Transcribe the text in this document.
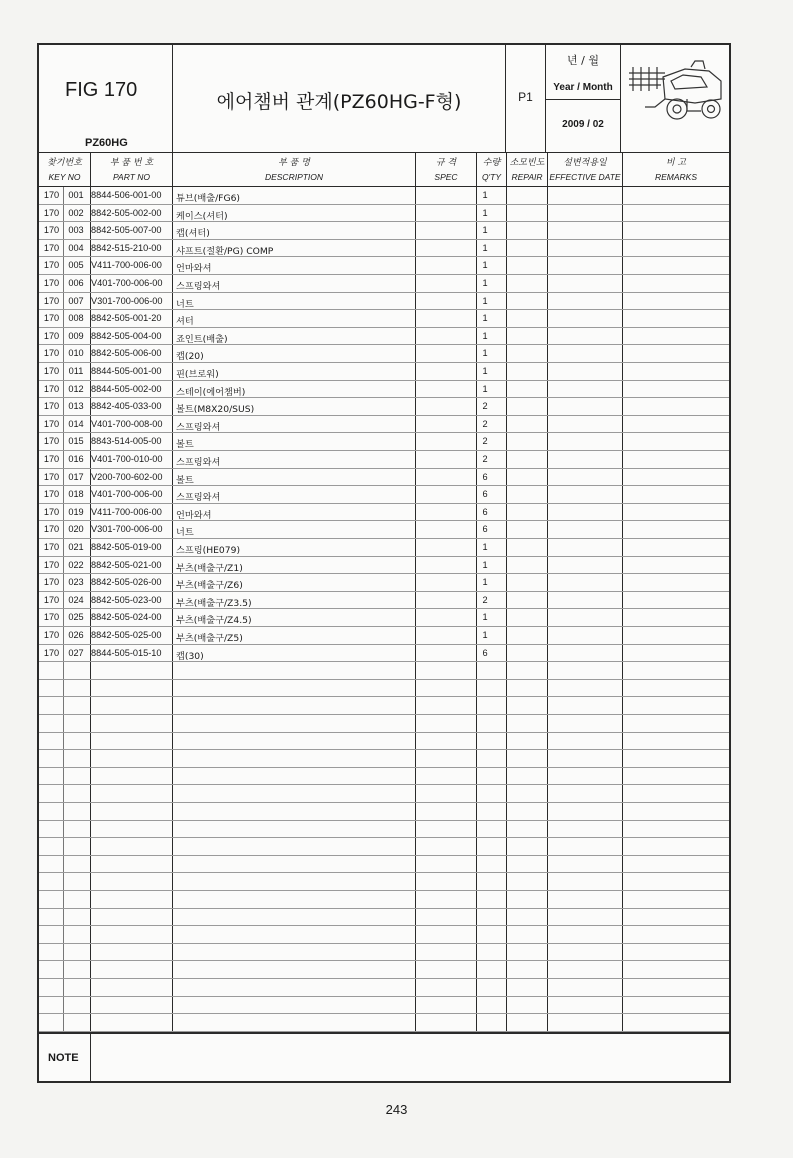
FIG 170
PZ60HG
에어챔버 관계(PZ60HG-F형)	P1
년 / 월
Year / Month
2009 / 02
찾기번호
KEY NO
부 품 번 호
PART NO
부 품 명
DESCRIPTION
규 격
SPEC
수량
Q'TY
소모빈도
REPAIR
설변적용일
EFFECTIVE DATE
비 고
REMARKS
170 001 8844-506-001-00 튜브(배출/FG6)	1
170 002 8842-505-002-00 케이스(셔터)	1
170 003 8842-505-007-00 캡(셔터)	1
170 004 8842-515-210-00 샤프트(절환/PG) COMP	1
170 005 V411-700-006-00 언마와셔	1
170 006 V401-700-006-00 스프링와셔	1
170 007 V301-700-006-00 너트	1
170 008 8842-505-001-20 셔터	1
170 009 8842-505-004-00 죠인트(배출)	1
170 010 8842-505-006-00 캡(20)	1
170	011 8844-505-001-00 핀(브로워)	1
170 012 8844-505-002-00 스테이(에어챔버)	1
170 013 8842-405-033-00 볼트(M8X20/SUS)	2
170 014 V401-700-008-00 스프링와셔	2
170 015 8843-514-005-00 볼트	2
170 016 V401-700-010-00 스프링와셔	2
170 017 V200-700-602-00 볼트	6
170 018 V401-700-006-00 스프링와셔	6
170 019 V411-700-006-00 언마와셔	6
170 020 V301-700-006-00 너트	6
170 021 8842-505-019-00 스프링(HE079)	1
170 022 8842-505-021-00 부츠(배출구/Z1)	1
170 023 8842-505-026-00 부츠(배출구/Z6)	1
170 024 8842-505-023-00 부츠(배출구/Z3.5)	2
170 025 8842-505-024-00 부츠(배출구/Z4.5)	1
170 026 8842-505-025-00 부츠(배출구/Z5)	1
170 027 8844-505-015-10 캡(30)	6
NOTE
243
